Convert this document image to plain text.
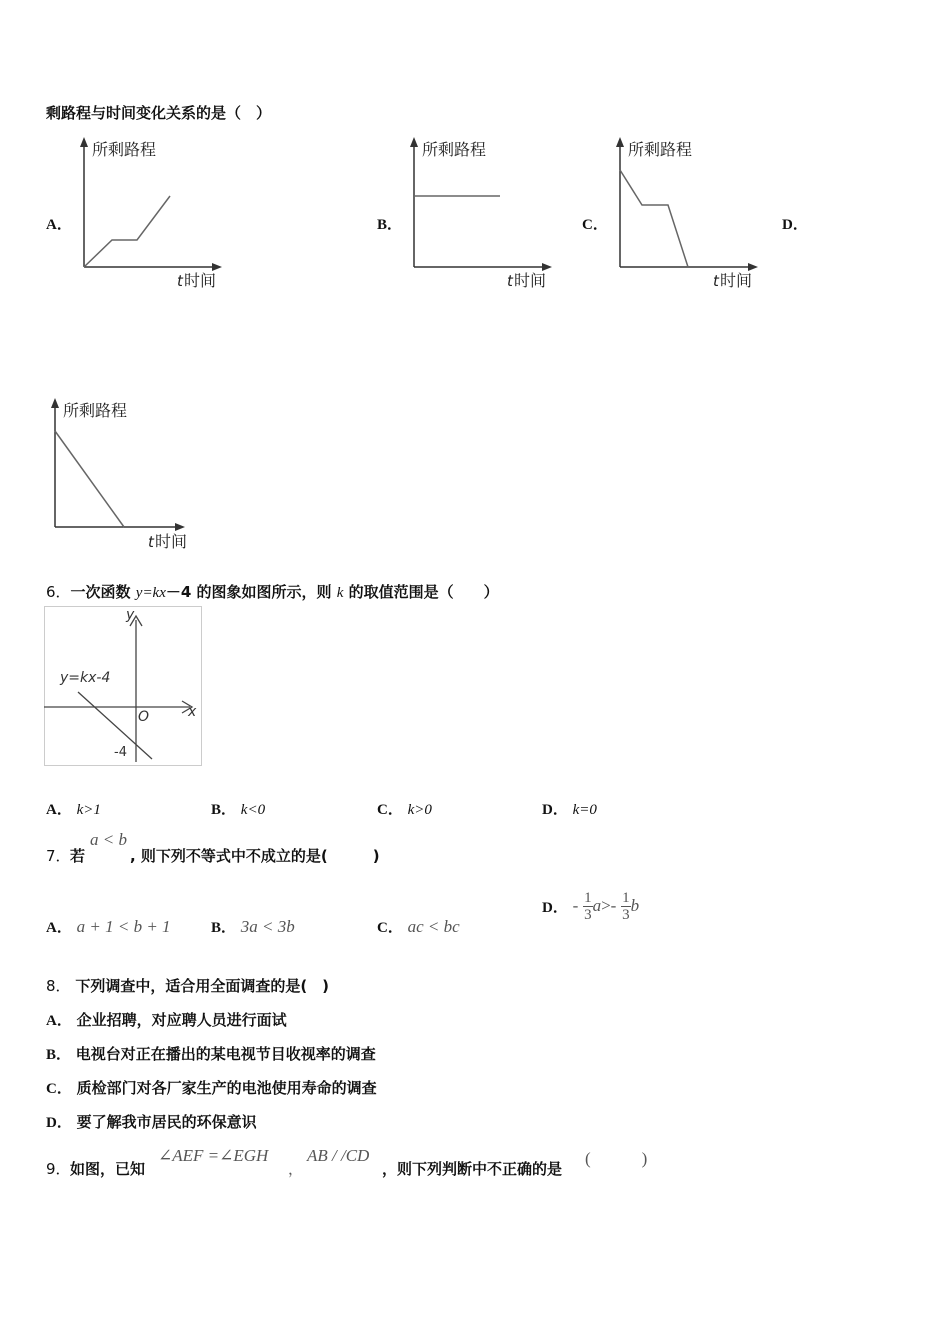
剩路程与时间变化关系的是（　）
A．	B．	C．	D．
所剩路程
t 时间
所剩路程
t 时间
所剩路程
t 时间
所剩路程
t 时间
6．一次函数 y=kx－4 的图象如图所示，则 k 的取值范围是（　　）
y
x
O
-4
y=kx-4
A． k>1	B． k<0	C． k>0	D． k=0
7． 若
a < b
, 则下列不等式中不成立的是(　　　)
A． a + 1 < b + 1	B． 3a < 3b	C． ac < bc
D． - $\frac{1}{3} a>- \frac{1}{3}$ b
8． 下列调查中，适合用全面调查的是(　)
A． 企业招聘，对应聘人员进行面试
B． 电视台对正在播出的某电视节目收视率的调查
C． 质检部门对各厂家生产的电池使用寿命的调查
D． 要了解我市居民的环保意识
9． 如图，已知
∠AEF =∠EGH
，
AB / /CD
，则下列判断中不正确的是
(　　　)
